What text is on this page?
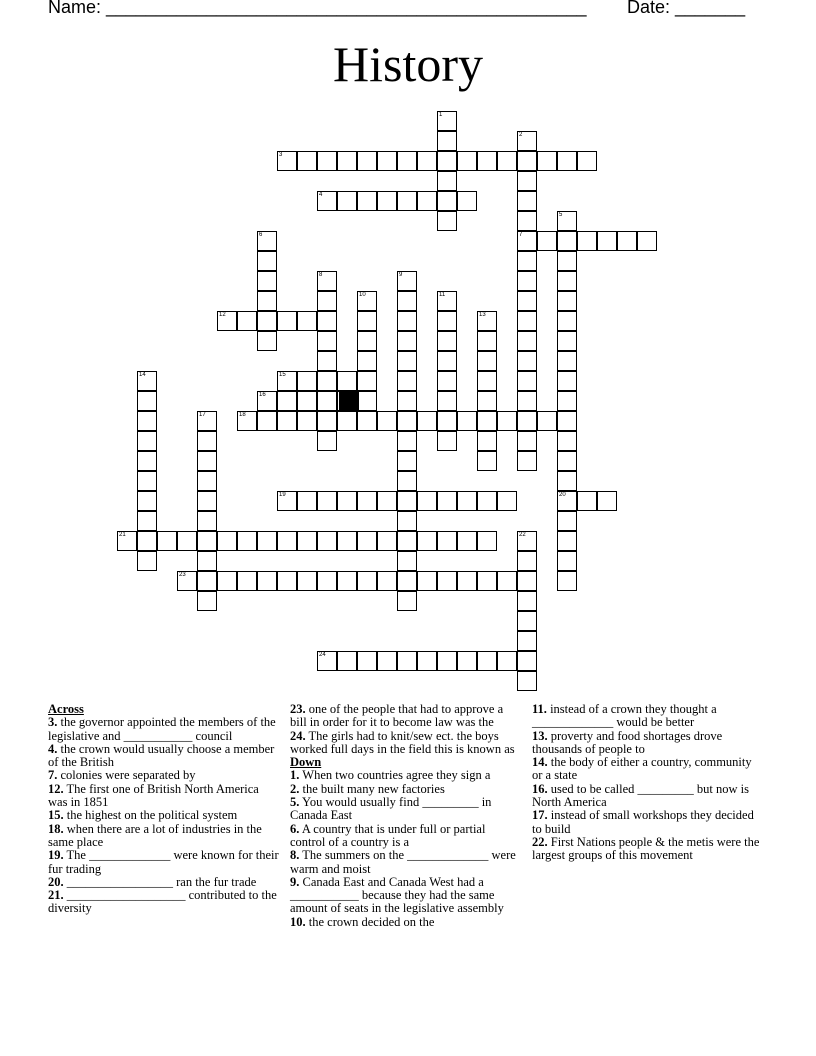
Name: ________________________________________________ Date: _______
History
1
2
7
3
4
5
20
6
8	9
10	11
12	13
14	15
16
17	18
19
21	22
23
24
Across

3. the governor appointed the members of the legislative and ___________ council

4. the crown would usually choose a member of the British

7. colonies were separated by

12. The first one of British North America was in 1851

15. the highest on the political system

18. when there are a lot of industries in the same place

19. The _____________ were known for their fur trading

20. _________________ ran the fur trade

21. ___________________ contributed to the diversity

23. one of the people that had to approve a bill in order for it to become law was the

24. The girls had to knit/sew ect. the boys worked full days in the field this is known as

Down

1. When two countries agree they sign a

2. the built many new factories

5. You would usually find _________ in Canada East

6. A country that is under full or partial control of a country is a

8. The summers on the _____________ were warm and moist

9. Canada East and Canada West had a ___________ because they had the same amount of seats in the legislative assembly

10. the crown decided on the

11. instead of a crown they thought a _____________ would be better

13. proverty and food shortages drove thousands of people to

14. the body of either a country, community or a state

16. used to be called _________ but now is North America

17. instead of small workshops they decided to build

22. First Nations people & the metis were the largest groups of this movement
